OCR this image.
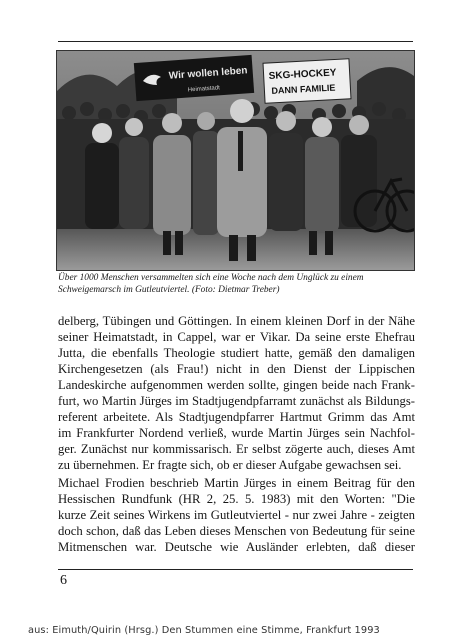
Wir wollen leben
Heimatstadt
SKG-HOCKEY
DANN FAMILIE
Über 1000 Menschen versammelten sich eine Woche nach dem Unglück zu einem Schweigemarsch im Gutleutviertel. (Foto: Dietmar Treber)
delberg, Tübingen und Göttingen. In einem kleinen Dorf in der Nähe
seiner Heimatstadt, in Cappel, war er Vikar. Da seine erste Ehefrau
Jutta, die ebenfalls Theologie studiert hatte, gemäß den damaligen
Kirchengesetzen (als Frau!) nicht in den Dienst der Lippischen
Landeskirche aufgenommen werden sollte, gingen beide nach Frank-
furt, wo Martin Jürges im Stadtjugendpfarramt zunächst als Bildungs-
referent arbeitete. Als Stadtjugendpfarrer Hartmut Grimm das Amt
im Frankfurter Nordend verließ, wurde Martin Jürges sein Nachfol-
ger. Zunächst nur kommissarisch. Er selbst zögerte auch, dieses Amt
zu übernehmen. Er fragte sich, ob er dieser Aufgabe gewachsen sei.
Michael Frodien beschrieb Martin Jürges in einem Beitrag für den
Hessischen Rundfunk (HR 2, 25. 5. 1983) mit den Worten: "Die
kurze Zeit seines Wirkens im Gutleutviertel - nur zwei Jahre - zeigten
doch schon, daß das Leben dieses Menschen von Bedeutung für seine
Mitmenschen war. Deutsche wie Ausländer erlebten, daß dieser
6
aus: Eimuth/Quirin (Hrsg.) Den Stummen eine Stimme, Frankfurt 1993
